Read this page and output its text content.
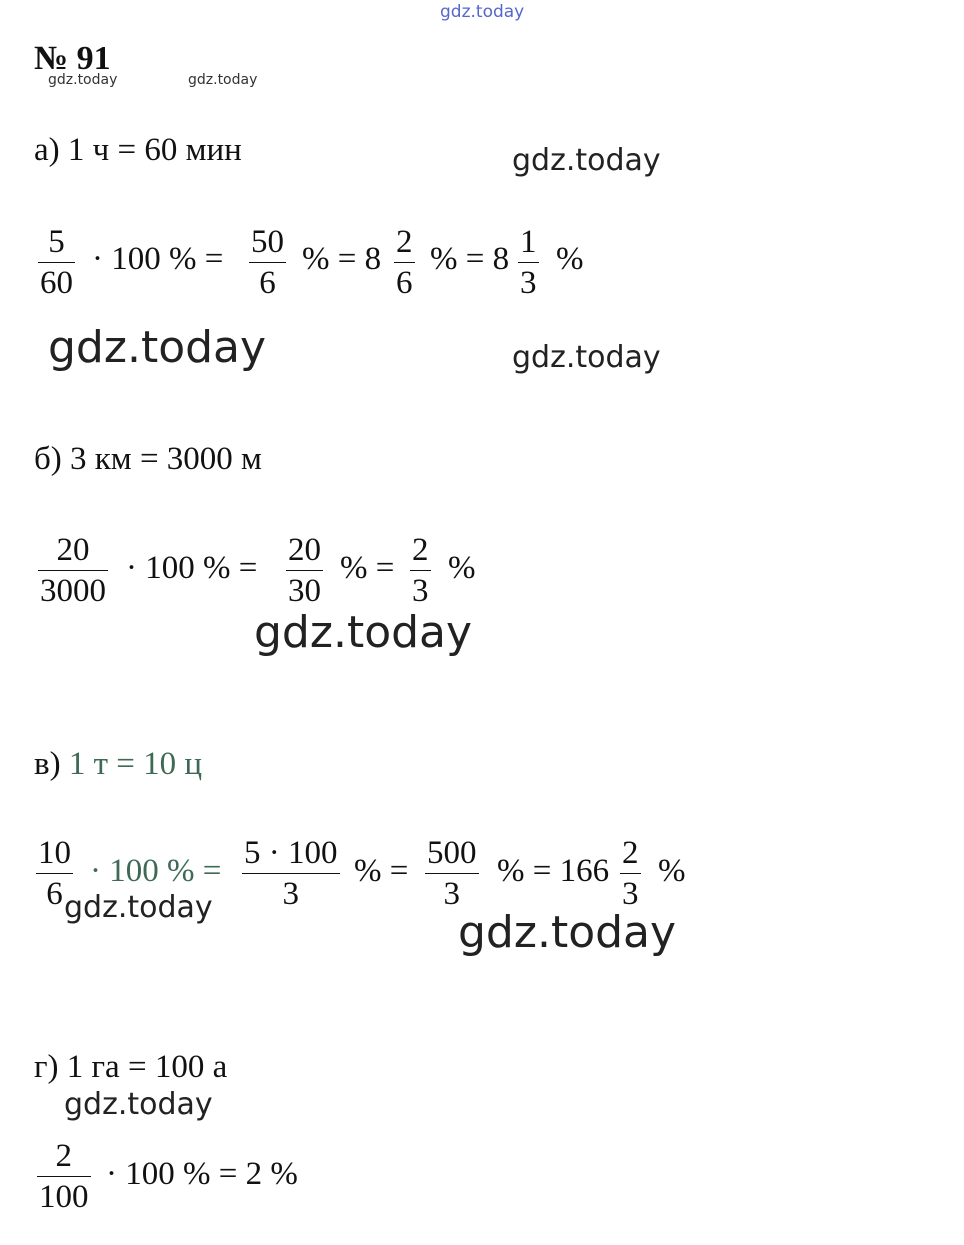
gdz.today
gdz.today	gdz.today
gdz.today
gdz.today	gdz.today
gdz.today
gdz.today	gdz.today
gdz.today
№ 91
а) 1 ч = 60 мин
5
60
· 100 % = 50
6
% = 8 2
6
% = 8 1
3
%
б) 3 км = 3000 м
20
3000
· 100 % = 20
30
% = 2
3
%
в) 1 т = 10 ц
10
6
· 100 % = 5 · 100
3
% = 500
3
% = 166 2
3
%
г) 1 га = 100 а
2
100
· 100 % = 2 %
